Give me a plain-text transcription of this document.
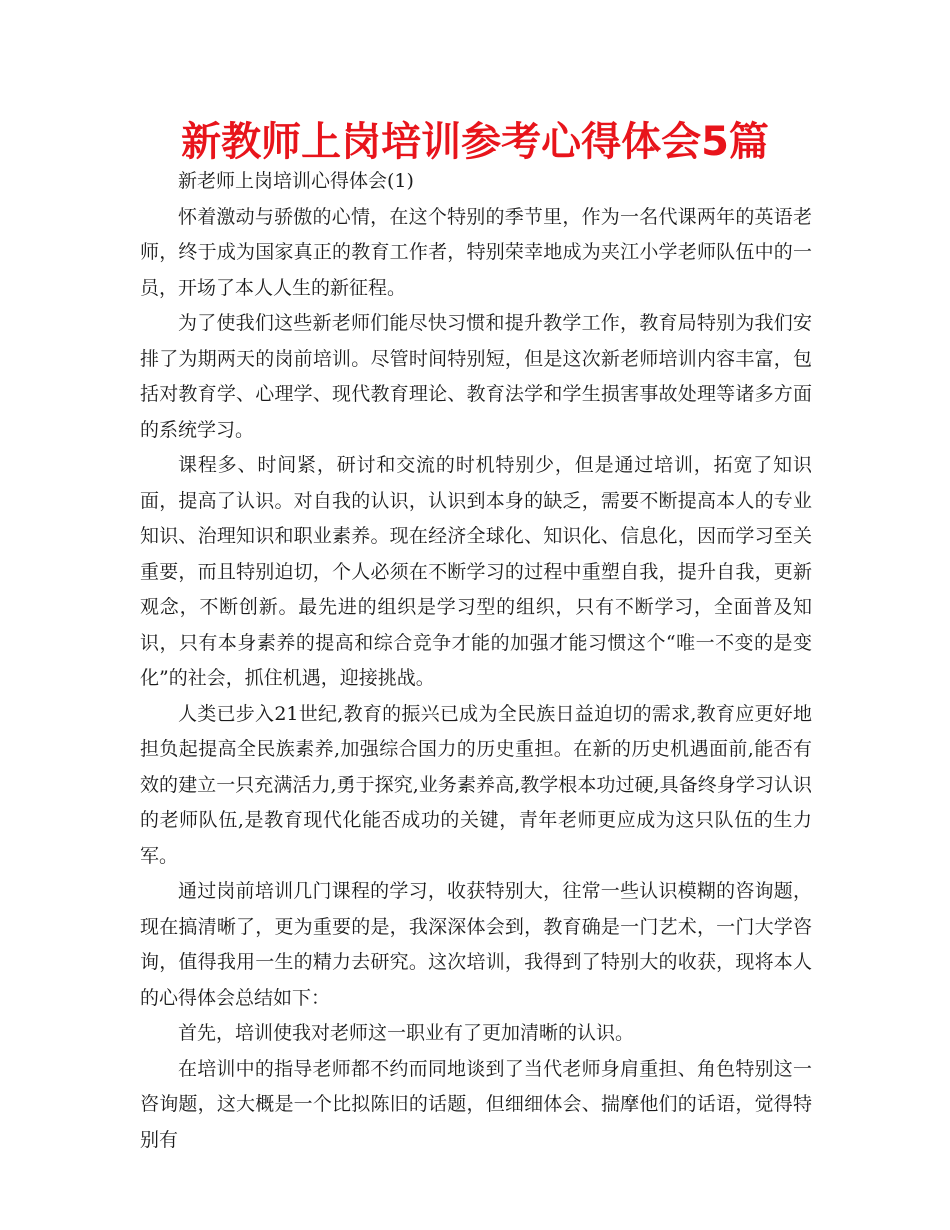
新教师上岗培训参考心得体会5篇

新老师上岗培训心得体会(1)

怀着激动与骄傲的心情，在这个特别的季节里，作为一名代课两年的英语老师，终于成为国家真正的教育工作者，特别荣幸地成为夹江小学老师队伍中的一员，开场了本人人生的新征程。

为了使我们这些新老师们能尽快习惯和提升教学工作，教育局特别为我们安排了为期两天的岗前培训。尽管时间特别短，但是这次新老师培训内容丰富，包括对教育学、心理学、现代教育理论、教育法学和学生损害事故处理等诸多方面的系统学习。

课程多、时间紧，研讨和交流的时机特别少，但是通过培训，拓宽了知识面，提高了认识。对自我的认识，认识到本身的缺乏，需要不断提高本人的专业知识、治理知识和职业素养。现在经济全球化、知识化、信息化，因而学习至关重要，而且特别迫切，个人必须在不断学习的过程中重塑自我，提升自我，更新观念，不断创新。最先进的组织是学习型的组织，只有不断学习，全面普及知识，只有本身素养的提高和综合竞争才能的加强才能习惯这个“唯一不变的是变化”的社会，抓住机遇，迎接挑战。

人类已步入21世纪,教育的振兴已成为全民族日益迫切的需求,教育应更好地担负起提高全民族素养,加强综合国力的历史重担。在新的历史机遇面前,能否有效的建立一只充满活力,勇于探究,业务素养高,教学根本功过硬,具备终身学习认识的老师队伍,是教育现代化能否成功的关键，青年老师更应成为这只队伍的生力军。

通过岗前培训几门课程的学习，收获特别大，往常一些认识模糊的咨询题，现在搞清晰了，更为重要的是，我深深体会到，教育确是一门艺术，一门大学咨询，值得我用一生的精力去研究。这次培训，我得到了特别大的收获，现将本人的心得体会总结如下：

首先，培训使我对老师这一职业有了更加清晰的认识。

在培训中的指导老师都不约而同地谈到了当代老师身肩重担、角色特别这一咨询题，这大概是一个比拟陈旧的话题，但细细体会、揣摩他们的话语，觉得特别有
